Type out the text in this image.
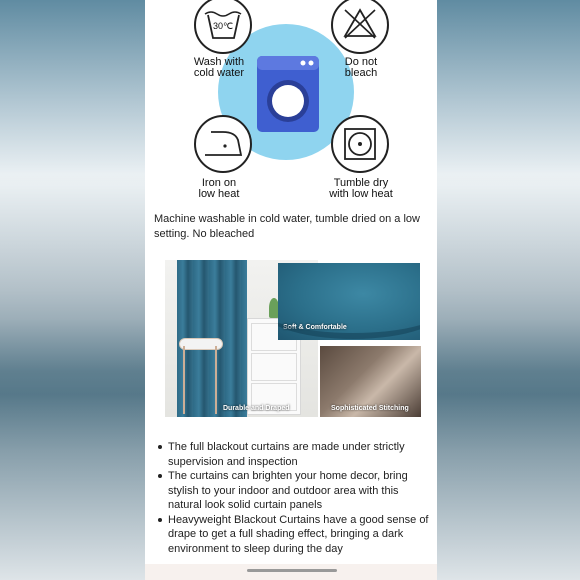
30℃
Wash with
cold water
Do not
bleach
Iron on
low heat
Tumble dry
with low heat
Machine washable in cold water, tumble dried on a low setting. No bleached
Durable and Draped
Soft & Comfortable
Sophisticated Stitching
The full blackout curtains are made under strictly supervision and inspection
The curtains can brighten your home decor, bring stylish to your indoor and outdoor area with this natural look solid curtain panels
Heavyweight Blackout Curtains have a good sense of drape to get a full shading effect, bringing a dark environment to sleep during the day
